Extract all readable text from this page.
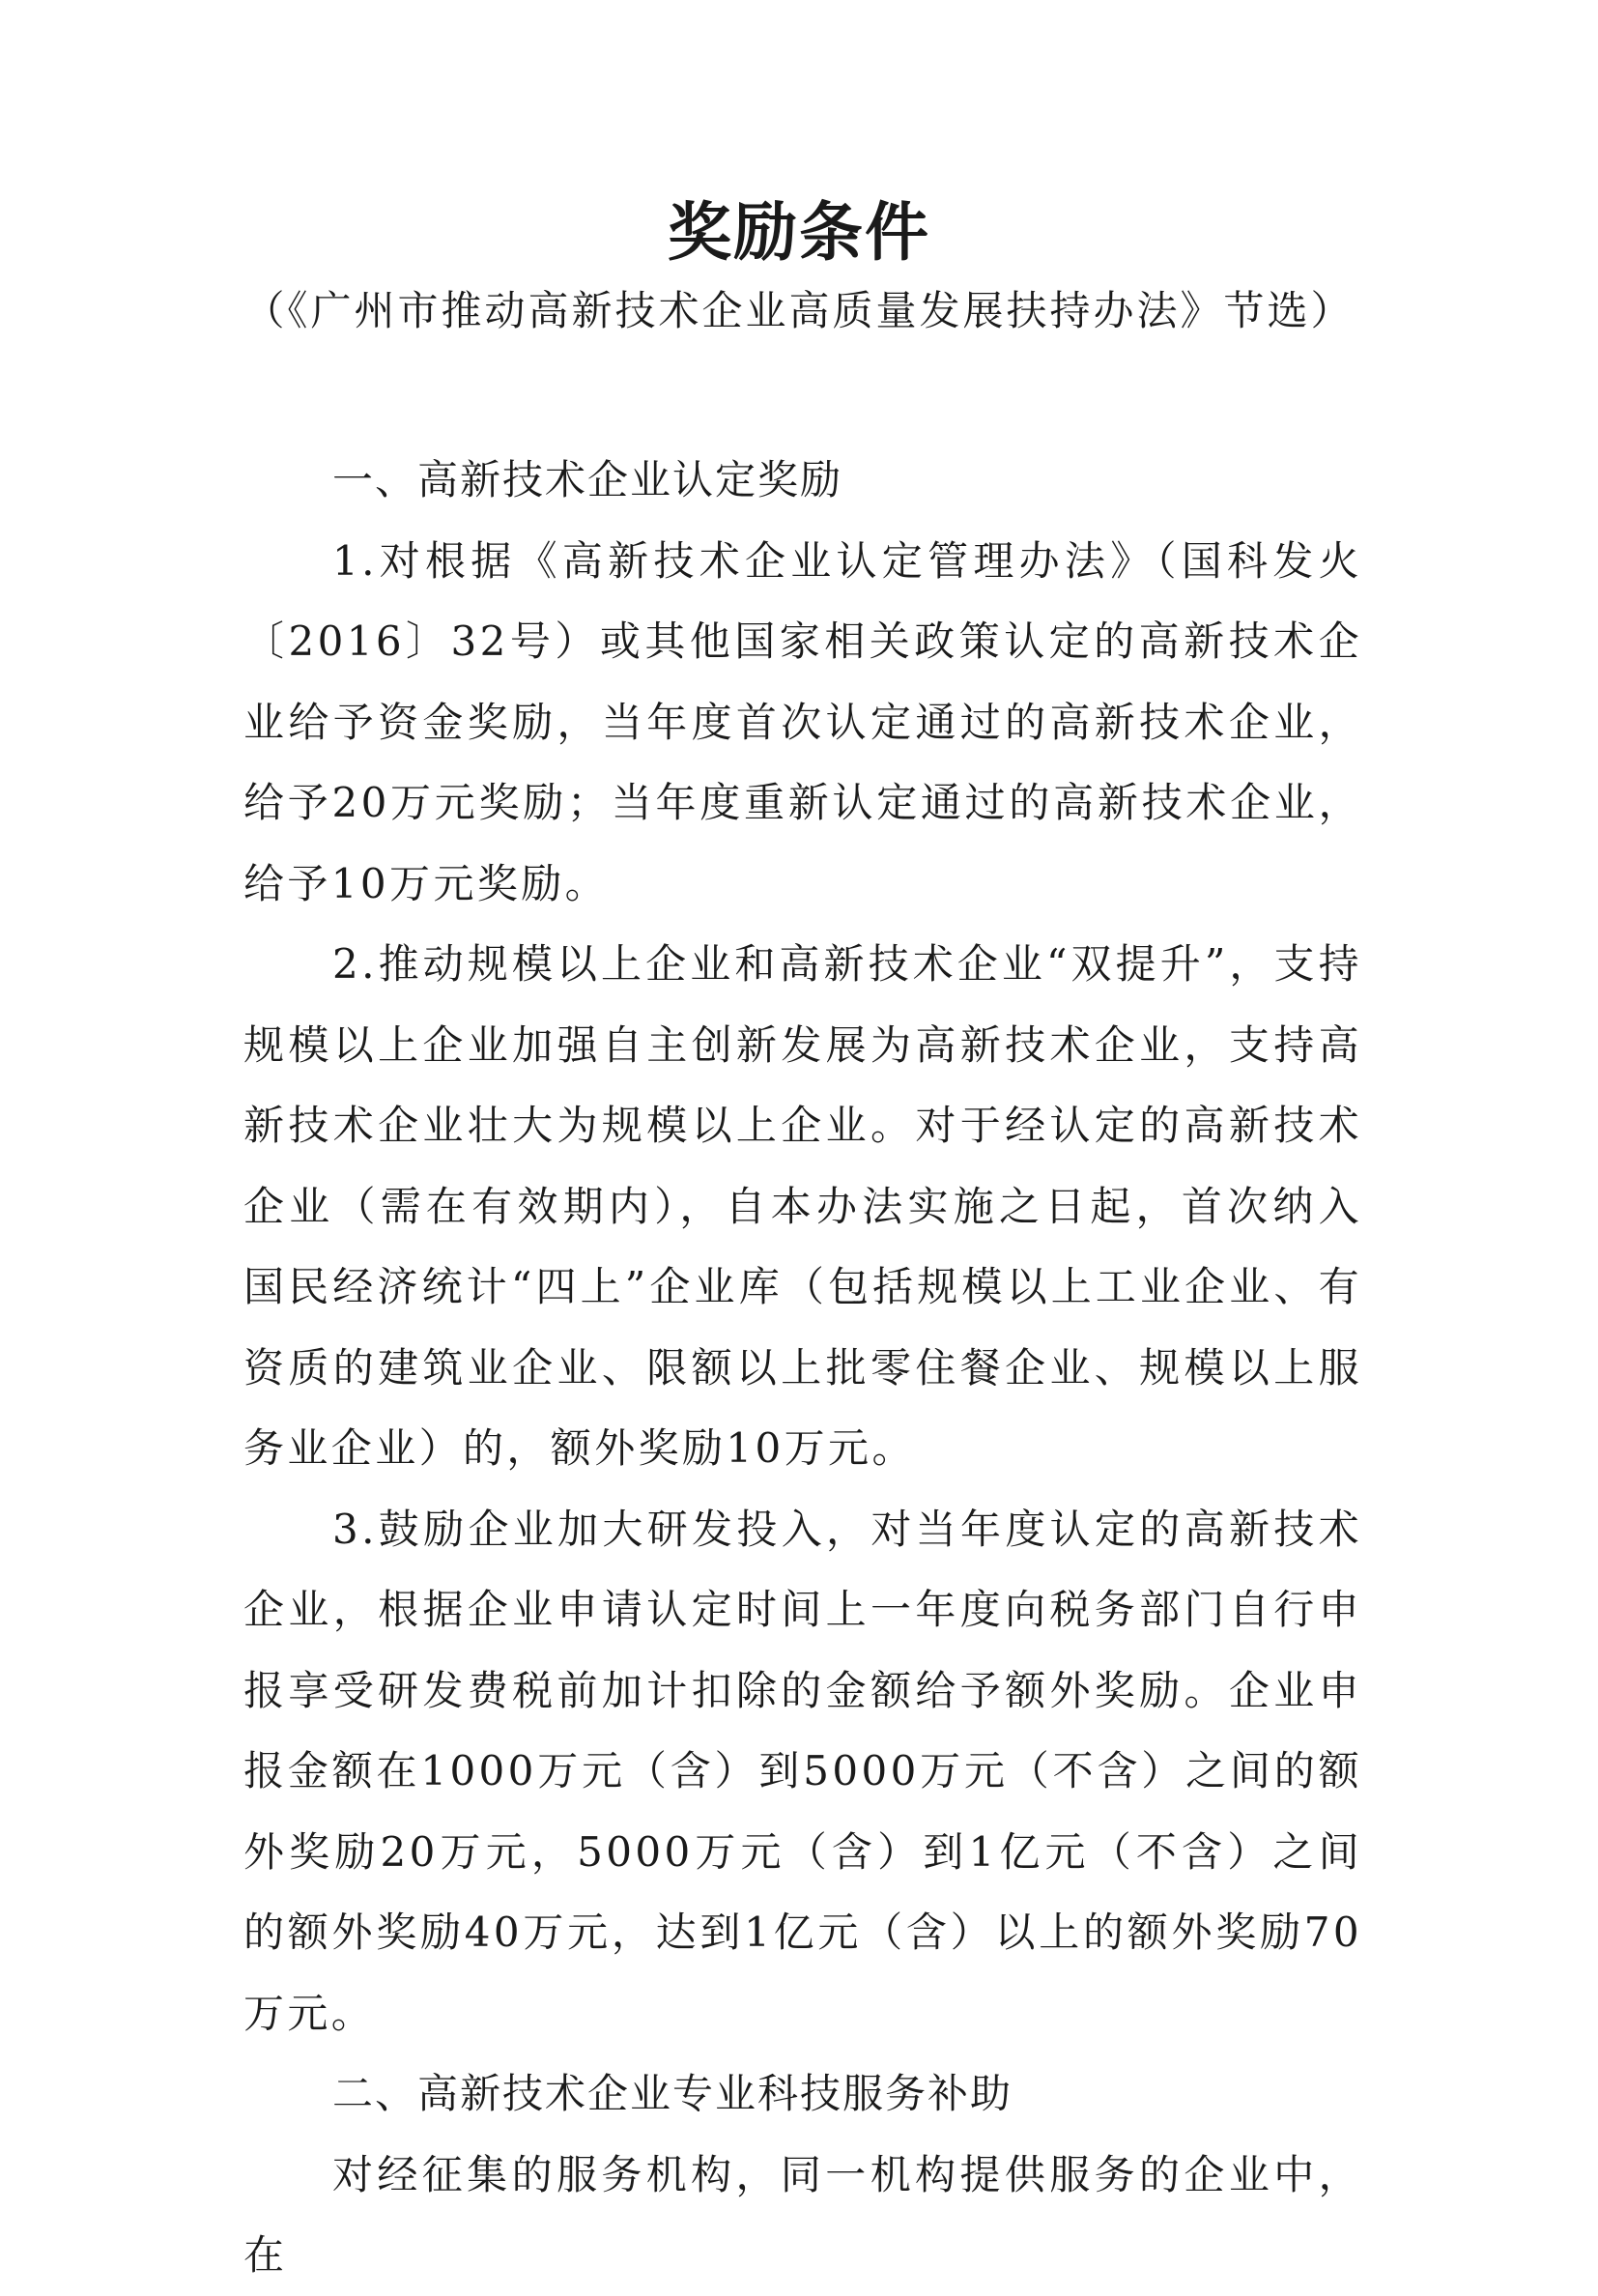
奖励条件

（《广州市推动高新技术企业高质量发展扶持办法》节选）

一、高新技术企业认定奖励

1.对根据《高新技术企业认定管理办法》（国科发火〔2016〕32号）或其他国家相关政策认定的高新技术企业给予资金奖励，当年度首次认定通过的高新技术企业，给予20万元奖励；当年度重新认定通过的高新技术企业，给予10万元奖励。

2.推动规模以上企业和高新技术企业“双提升”，支持规模以上企业加强自主创新发展为高新技术企业，支持高新技术企业壮大为规模以上企业。对于经认定的高新技术企业（需在有效期内），自本办法实施之日起，首次纳入国民经济统计“四上”企业库（包括规模以上工业企业、有资质的建筑业企业、限额以上批零住餐企业、规模以上服务业企业）的，额外奖励10万元。

3.鼓励企业加大研发投入，对当年度认定的高新技术企业，根据企业申请认定时间上一年度向税务部门自行申报享受研发费税前加计扣除的金额给予额外奖励。企业申报金额在1000万元（含）到5000万元（不含）之间的额外奖励20万元，5000万元（含）到1亿元（不含）之间的额外奖励40万元，达到1亿元（含）以上的额外奖励70万元。

二、高新技术企业专业科技服务补助

对经征集的服务机构，同一机构提供服务的企业中，在
